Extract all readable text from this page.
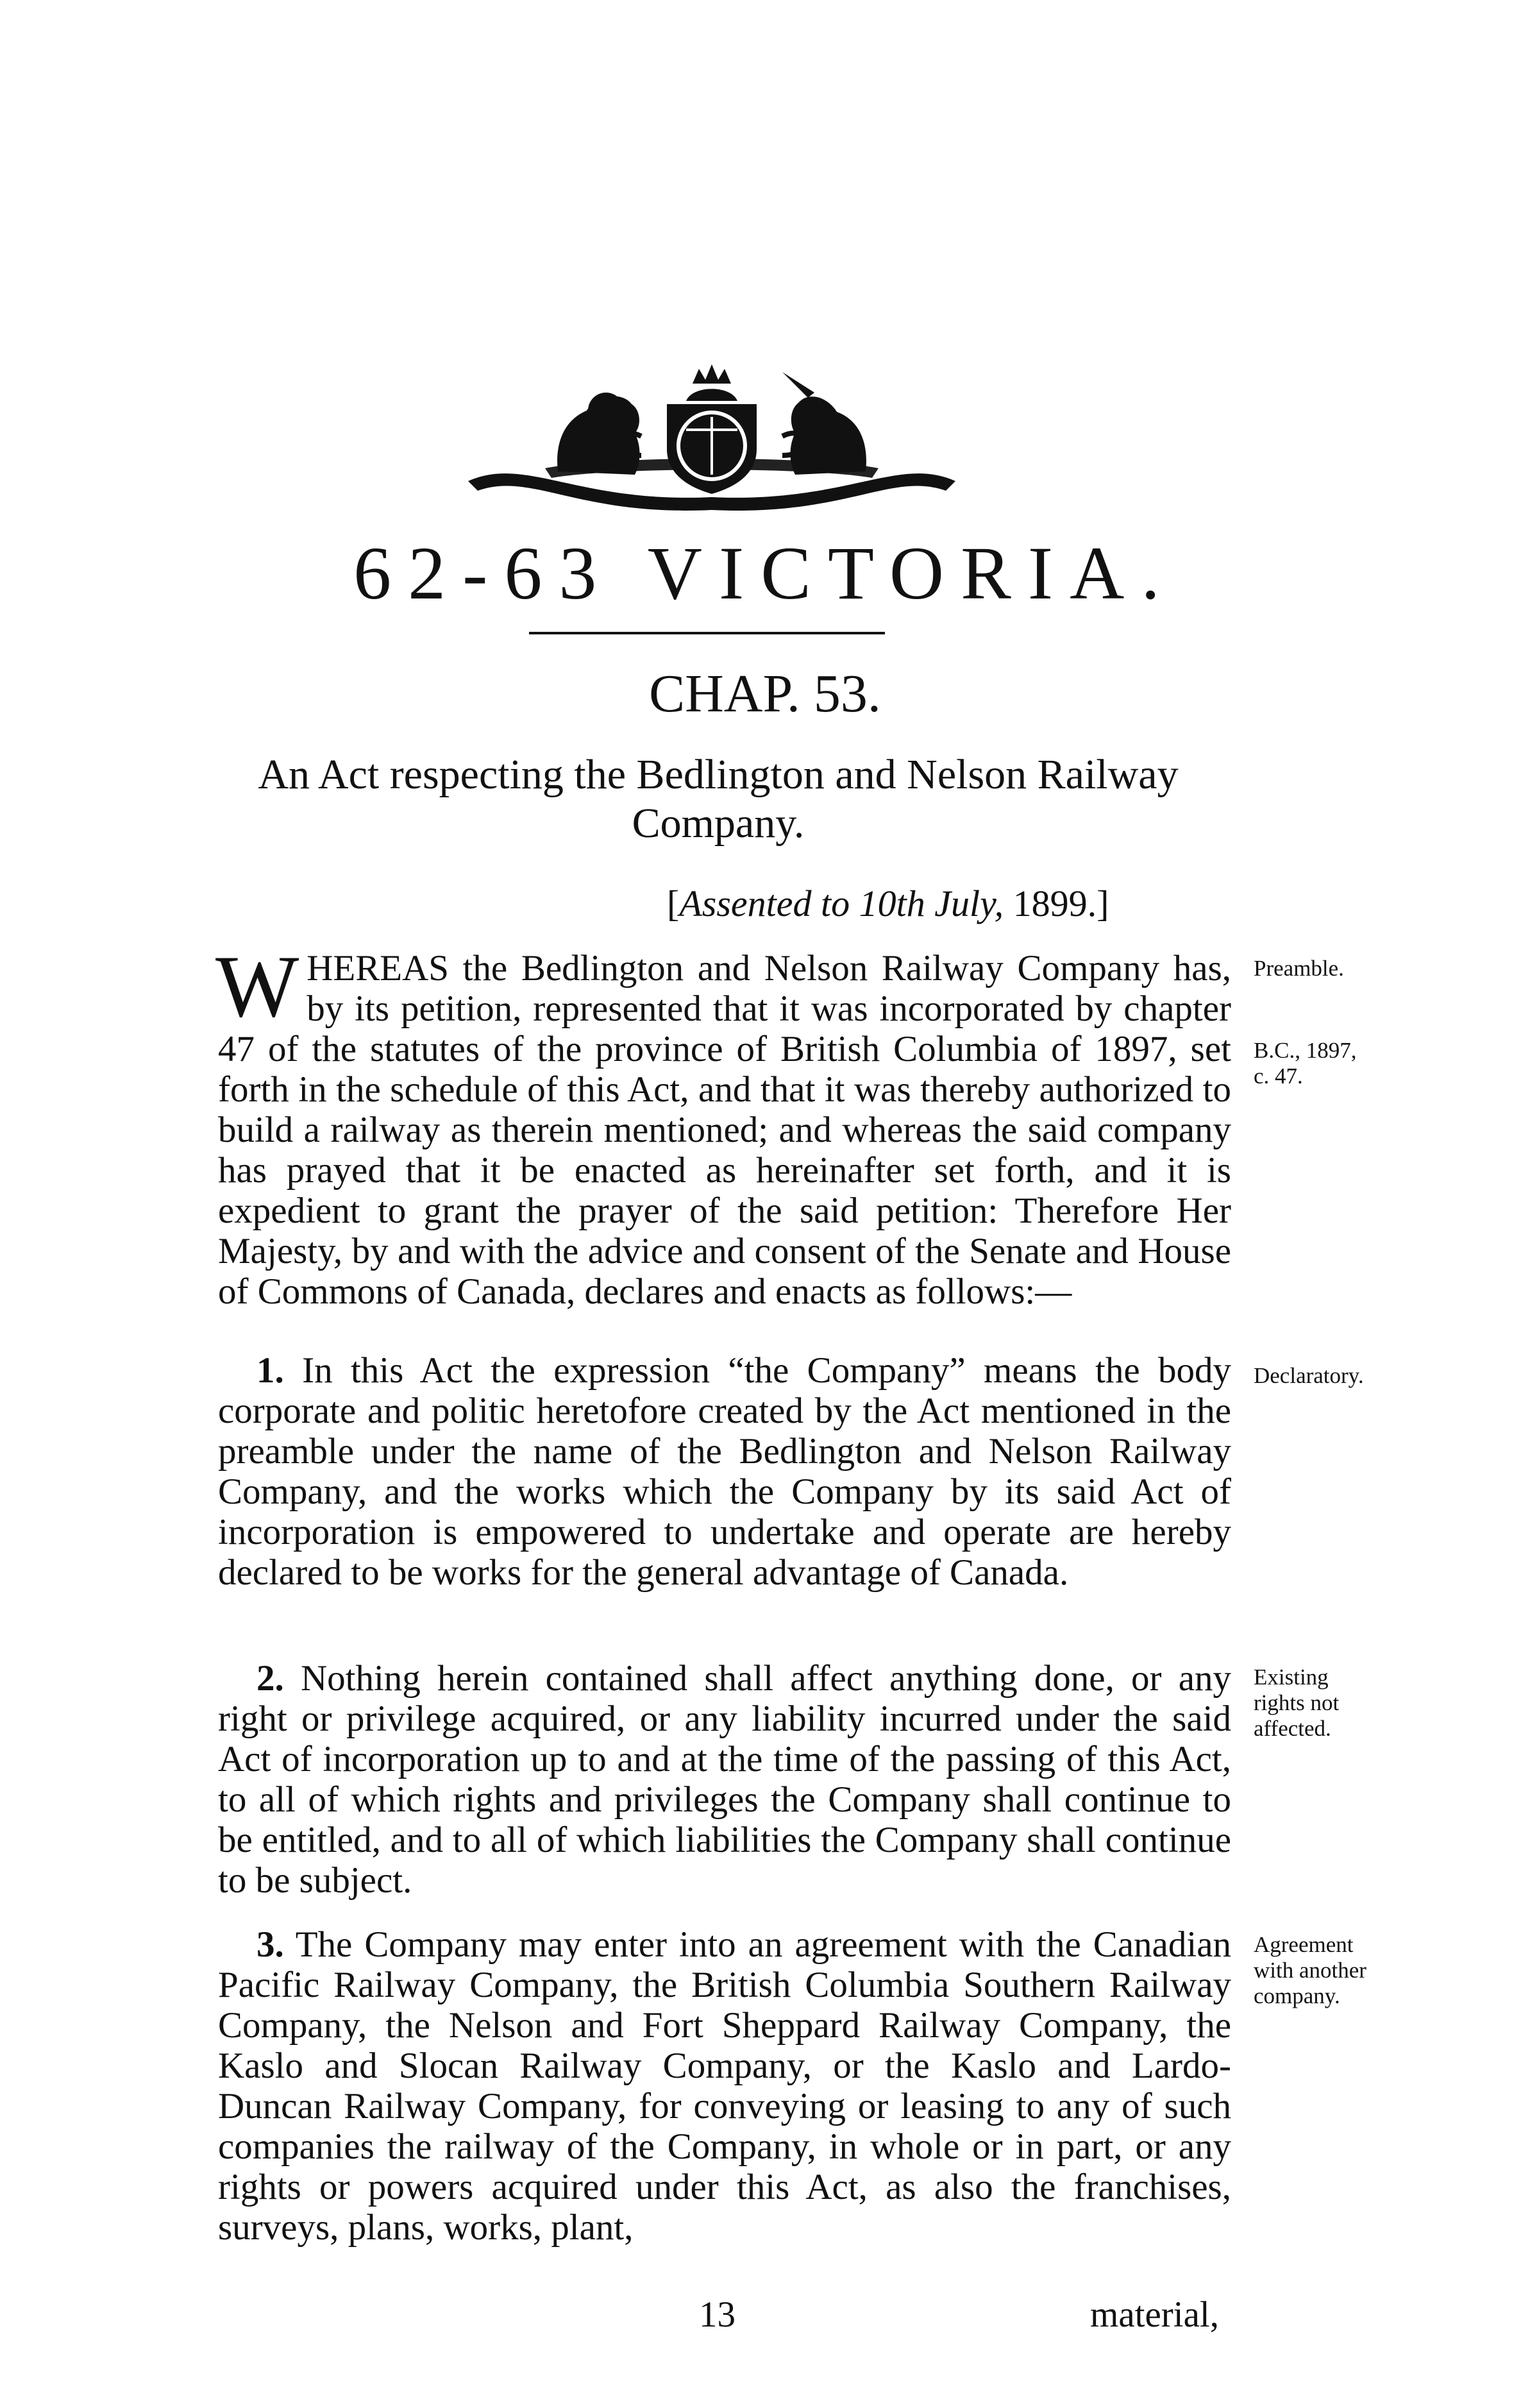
62-63 VICTORIA.
CHAP. 53.
An Act respecting the Bedlington and Nelson Railway Company.
[Assented to 10th July, 1899.]
WHEREAS the Bedlington and Nelson Railway Company has, by its petition, represented that it was incorporated by chapter 47 of the statutes of the province of British Columbia of 1897, set forth in the schedule of this Act, and that it was thereby authorized to build a railway as therein mentioned; and whereas the said company has prayed that it be enacted as hereinafter set forth, and it is expedient to grant the prayer of the said petition: Therefore Her Majesty, by and with the advice and consent of the Senate and House of Commons of Canada, declares and enacts as follows:—
Preamble.
B.C., 1897,
c. 47.
1. In this Act the expression “the Company” means the body corporate and politic heretofore created by the Act mentioned in the preamble under the name of the Bedlington and Nelson Railway Company, and the works which the Company by its said Act of incorporation is empowered to undertake and operate are hereby declared to be works for the general advantage of Canada.
Declaratory.
2. Nothing herein contained shall affect anything done, or any right or privilege acquired, or any liability incurred under the said Act of incorporation up to and at the time of the passing of this Act, to all of which rights and privileges the Company shall continue to be entitled, and to all of which liabilities the Company shall continue to be subject.
Existing
rights not
affected.
3. The Company may enter into an agreement with the Canadian Pacific Railway Company, the British Columbia Southern Railway Company, the Nelson and Fort Sheppard Railway Company, the Kaslo and Slocan Railway Company, or the Kaslo and Lardo-Duncan Railway Company, for conveying or leasing to any of such companies the railway of the Company, in whole or in part, or any rights or powers acquired under this Act, as also the franchises, surveys, plans, works, plant,
Agreement
with another
company.
13	material,
